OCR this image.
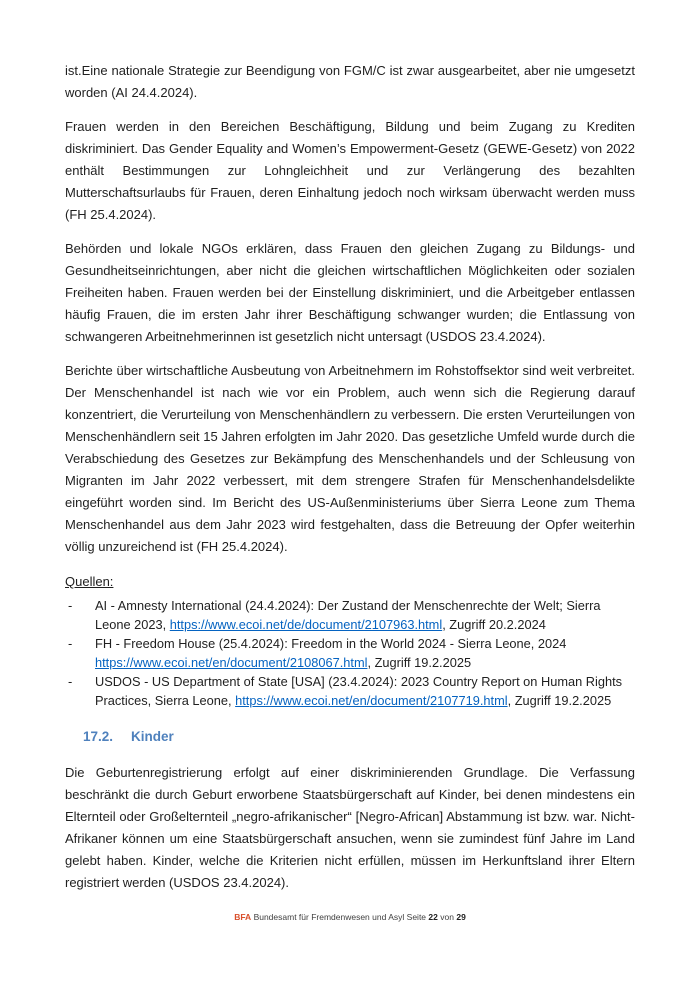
ist.Eine nationale Strategie zur Beendigung von FGM/C ist zwar ausgearbeitet, aber nie umgesetzt worden (AI 24.4.2024).

Frauen werden in den Bereichen Beschäftigung, Bildung und beim Zugang zu Krediten diskriminiert. Das Gender Equality and Women’s Empowerment-Gesetz (GEWE-Gesetz) von 2022 enthält Bestimmungen zur Lohngleichheit und zur Verlängerung des bezahlten Mutterschaftsurlaubs für Frauen, deren Einhaltung jedoch noch wirksam überwacht werden muss (FH 25.4.2024).

Behörden und lokale NGOs erklären, dass Frauen den gleichen Zugang zu Bildungs- und Gesundheitseinrichtungen, aber nicht die gleichen wirtschaftlichen Möglichkeiten oder sozialen Freiheiten haben. Frauen werden bei der Einstellung diskriminiert, und die Arbeitgeber entlassen häufig Frauen, die im ersten Jahr ihrer Beschäftigung schwanger wurden; die Entlassung von schwangeren Arbeitnehmerinnen ist gesetzlich nicht untersagt (USDOS 23.4.2024).

Berichte über wirtschaftliche Ausbeutung von Arbeitnehmern im Rohstoffsektor sind weit verbreitet. Der Menschenhandel ist nach wie vor ein Problem, auch wenn sich die Regierung darauf konzentriert, die Verurteilung von Menschenhändlern zu verbessern. Die ersten Verurteilungen von Menschenhändlern seit 15 Jahren erfolgten im Jahr 2020. Das gesetzliche Umfeld wurde durch die Verabschiedung des Gesetzes zur Bekämpfung des Menschenhandels und der Schleusung von Migranten im Jahr 2022 verbessert, mit dem strengere Strafen für Menschenhandelsdelikte eingeführt worden sind. Im Bericht des US-Außenministeriums über Sierra Leone zum Thema Menschenhandel aus dem Jahr 2023 wird festgehalten, dass die Betreuung der Opfer weiterhin völlig unzureichend ist (FH 25.4.2024).

Quellen:

- AI - Amnesty International (24.4.2024): Der Zustand der Menschenrechte der Welt; Sierra Leone 2023, https://www.ecoi.net/de/document/2107963.html, Zugriff 20.2.2024
- FH - Freedom House (25.4.2024): Freedom in the World 2024 - Sierra Leone, 2024 https://www.ecoi.net/en/document/2108067.html, Zugriff 19.2.2025
- USDOS - US Department of State [USA] (23.4.2024): 2023 Country Report on Human Rights Practices, Sierra Leone, https://www.ecoi.net/en/document/2107719.html, Zugriff 19.2.2025
17.2. Kinder

Die Geburtenregistrierung erfolgt auf einer diskriminierenden Grundlage. Die Verfassung beschränkt die durch Geburt erworbene Staatsbürgerschaft auf Kinder, bei denen mindestens ein Elternteil oder Großelternteil „negro-afrikanischer“ [Negro-African] Abstammung ist bzw. war. Nicht-Afrikaner können um eine Staatsbürgerschaft ansuchen, wenn sie zumindest fünf Jahre im Land gelebt haben. Kinder, welche die Kriterien nicht erfüllen, müssen im Herkunftsland ihrer Eltern registriert werden (USDOS 23.4.2024).

BFA Bundesamt für Fremdenwesen und Asyl Seite 22 von 29
